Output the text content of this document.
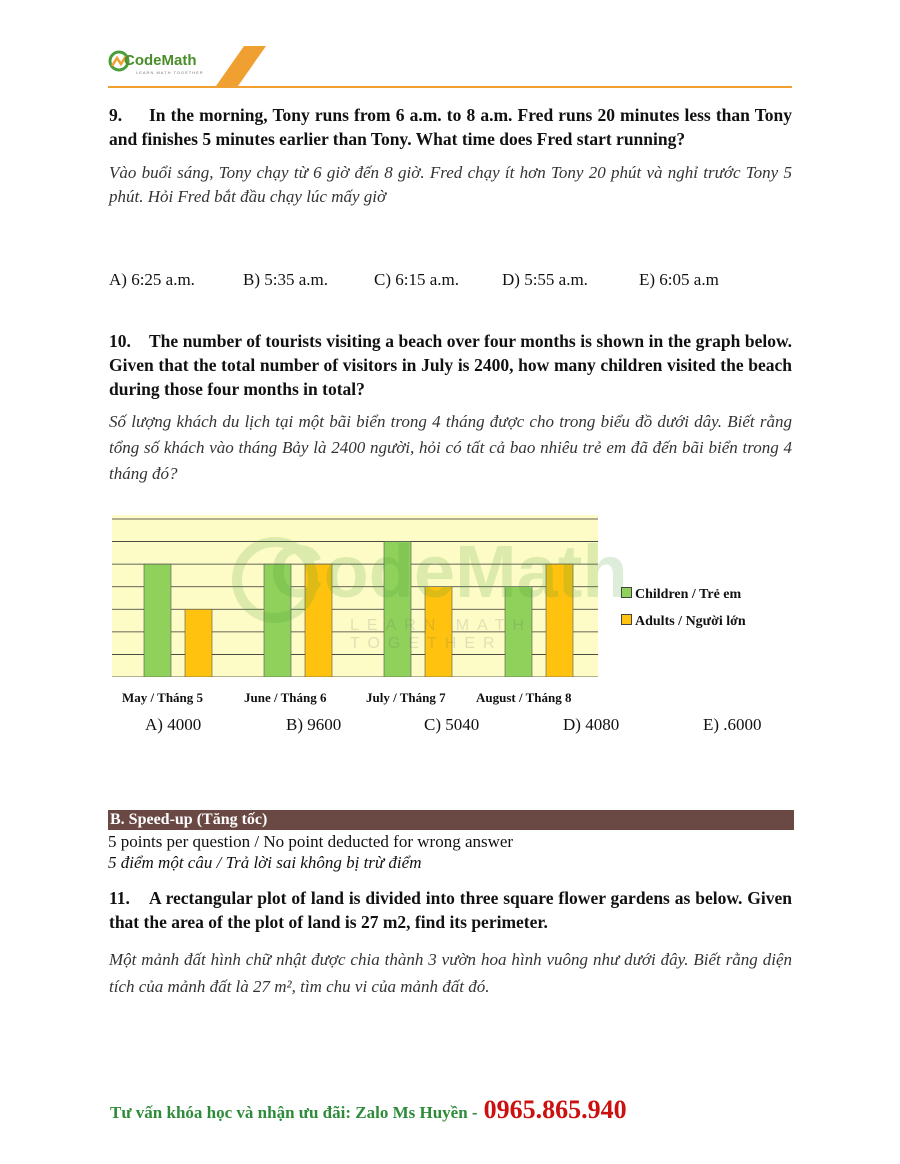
CodeMath
LEARN MATH TOGETHER

9. In the morning, Tony runs from 6 a.m. to 8 a.m. Fred runs 20 minutes less than Tony and finishes 5 minutes earlier than Tony. What time does Fred start running?

Vào buổi sáng, Tony chạy từ 6 giờ đến 8 giờ. Fred chạy ít hơn Tony 20 phút và nghỉ trước Tony 5 phút. Hỏi Fred bắt đầu chạy lúc mấy giờ

A) 6:25 a.m.	B) 5:35 a.m.	C) 6:15 a.m.	D) 5:55 a.m.	E) 6:05 a.m

10. The number of tourists visiting a beach over four months is shown in the graph below. Given that the total number of visitors in July is 2400, how many children visited the beach during those four months in total?

Số lượng khách du lịch tại một bãi biển trong 4 tháng được cho trong biểu đồ dưới dây. Biết rằng tổng số khách vào tháng Bảy là 2400 người, hỏi có tất cả bao nhiêu trẻ em đã đến bãi biển trong 4 tháng đó?

Children / Trẻ em
Adults / Người lớn
May / Tháng 5	June / Tháng 6	July / Tháng 7 August / Tháng 8
A) 4000	B) 9600	C) 5040	D) 4080	E) .6000
B. Speed-up (Tăng tốc)
5 points per question / No point deducted for wrong answer
5 điểm một câu / Trả lời sai không bị trừ điểm

11. A rectangular plot of land is divided into three square flower gardens as below. Given that the area of the plot of land is 27 m2, find its perimeter.

Một mảnh đất hình chữ nhật được chia thành 3 vườn hoa hình vuông như dưới đây. Biết rằng diện tích của mảnh đất là 27 m², tìm chu vi của mảnh đất đó.

Tư vấn khóa học và nhận ưu đãi: Zalo Ms Huyền - 0965.865.940
